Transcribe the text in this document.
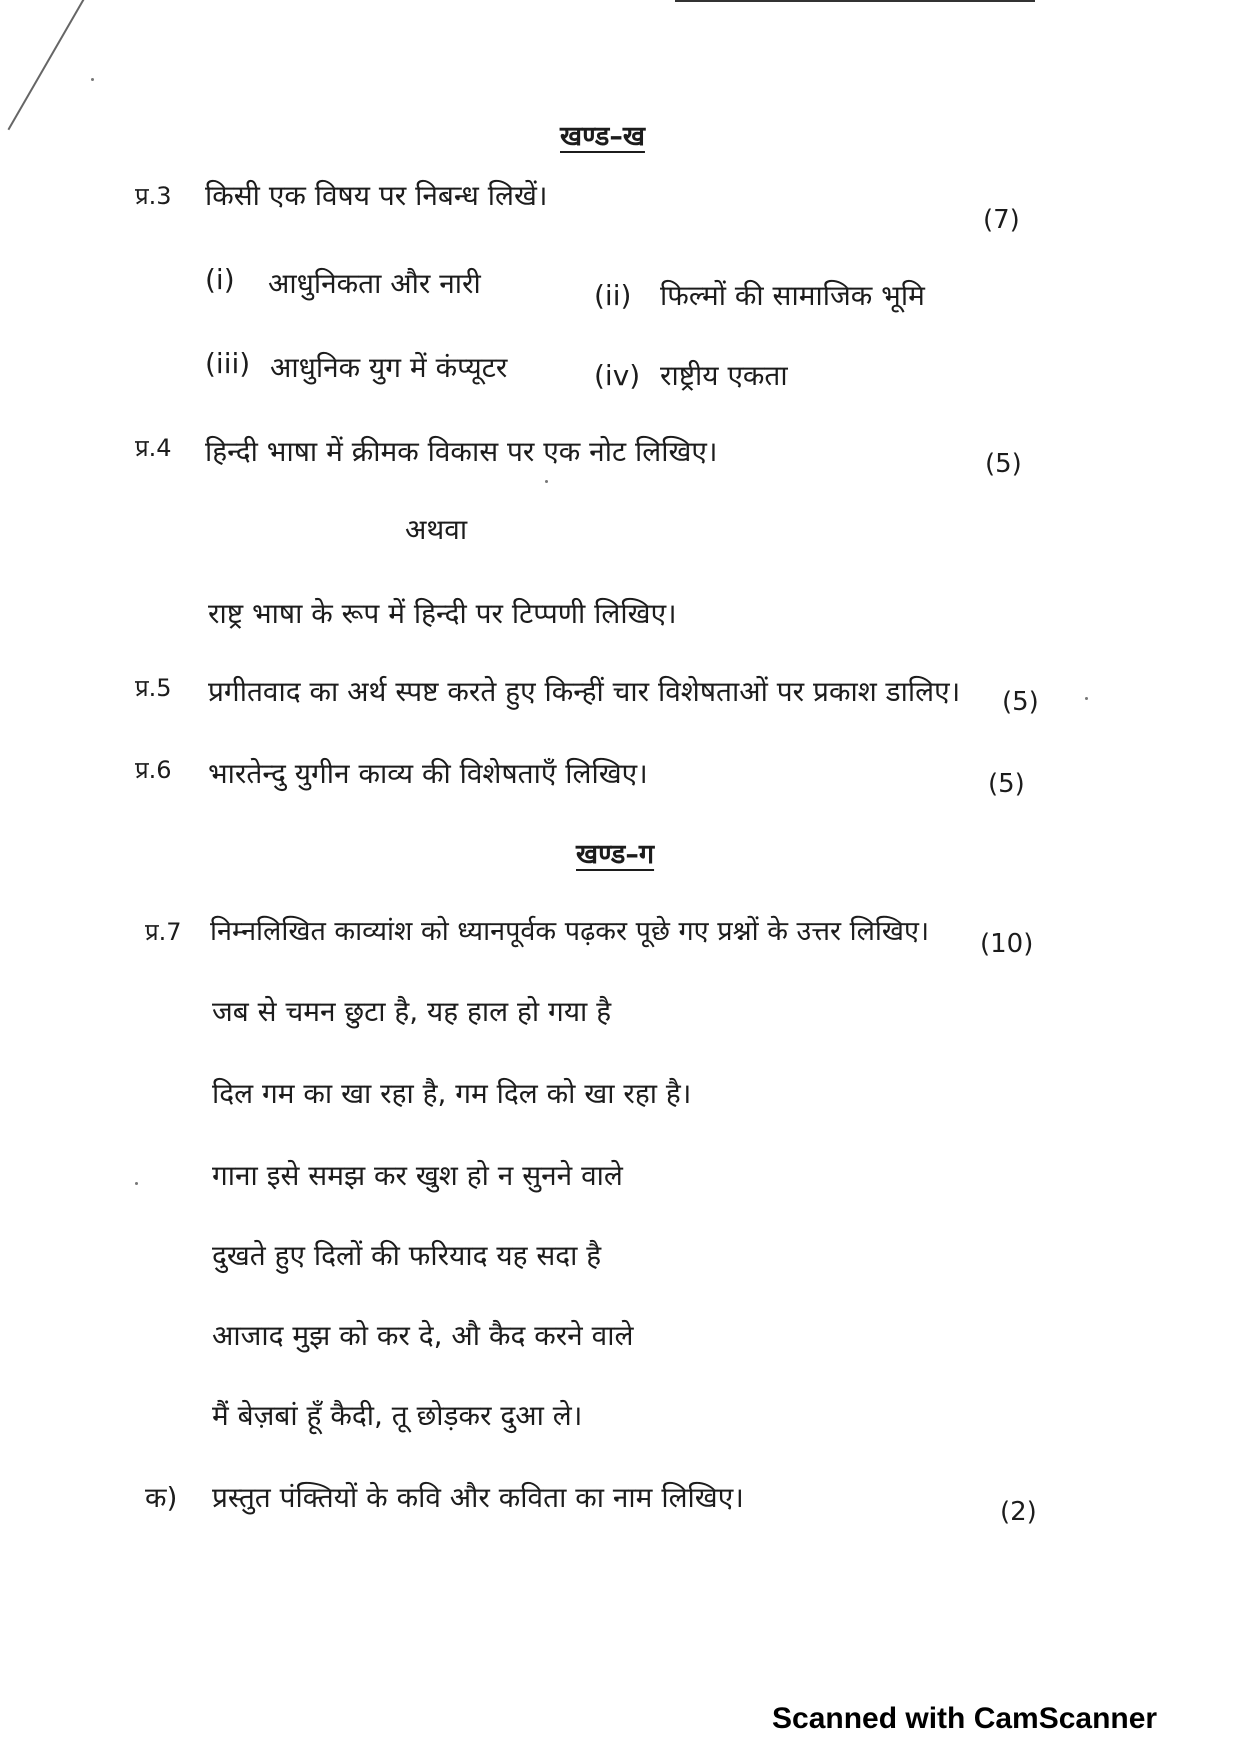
खण्ड–ख
प्र.3 किसी एक विषय पर निबन्ध लिखें।
(7)
(i) आधुनिकता और नारी	(ii) फिल्मों की सामाजिक भूमि
(iii) आधुनिक युग में कंप्यूटर	(iv) राष्ट्रीय एकता
प्र.4 हिन्दी भाषा में क्रीमक विकास पर एक नोट लिखिए।	(5)
अथवा
राष्ट्र भाषा के रूप में हिन्दी पर टिप्पणी लिखिए।
प्र.5 प्रगीतवाद का अर्थ स्पष्ट करते हुए किन्हीं चार विशेषताओं पर प्रकाश डालिए। (5)
प्र.6 भारतेन्दु युगीन काव्य की विशेषताएँ लिखिए।	(5)
खण्ड–ग
प्र.7 निम्नलिखित काव्यांश को ध्यानपूर्वक पढ़कर पूछे गए प्रश्नों के उत्तर लिखिए। (10)
जब से चमन छुटा है, यह हाल हो गया है
दिल गम का खा रहा है, गम दिल को खा रहा है।
गाना इसे समझ कर खुश हो न सुनने वाले
दुखते हुए दिलों की फरियाद यह सदा है
आजाद मुझ को कर दे, औ कैद करने वाले
मैं बेज़बां हूँ कैदी, तू छोड़कर दुआ ले।
क) प्रस्तुत पंक्तियों के कवि और कविता का नाम लिखिए।	(2)
Scanned with CamScanner
